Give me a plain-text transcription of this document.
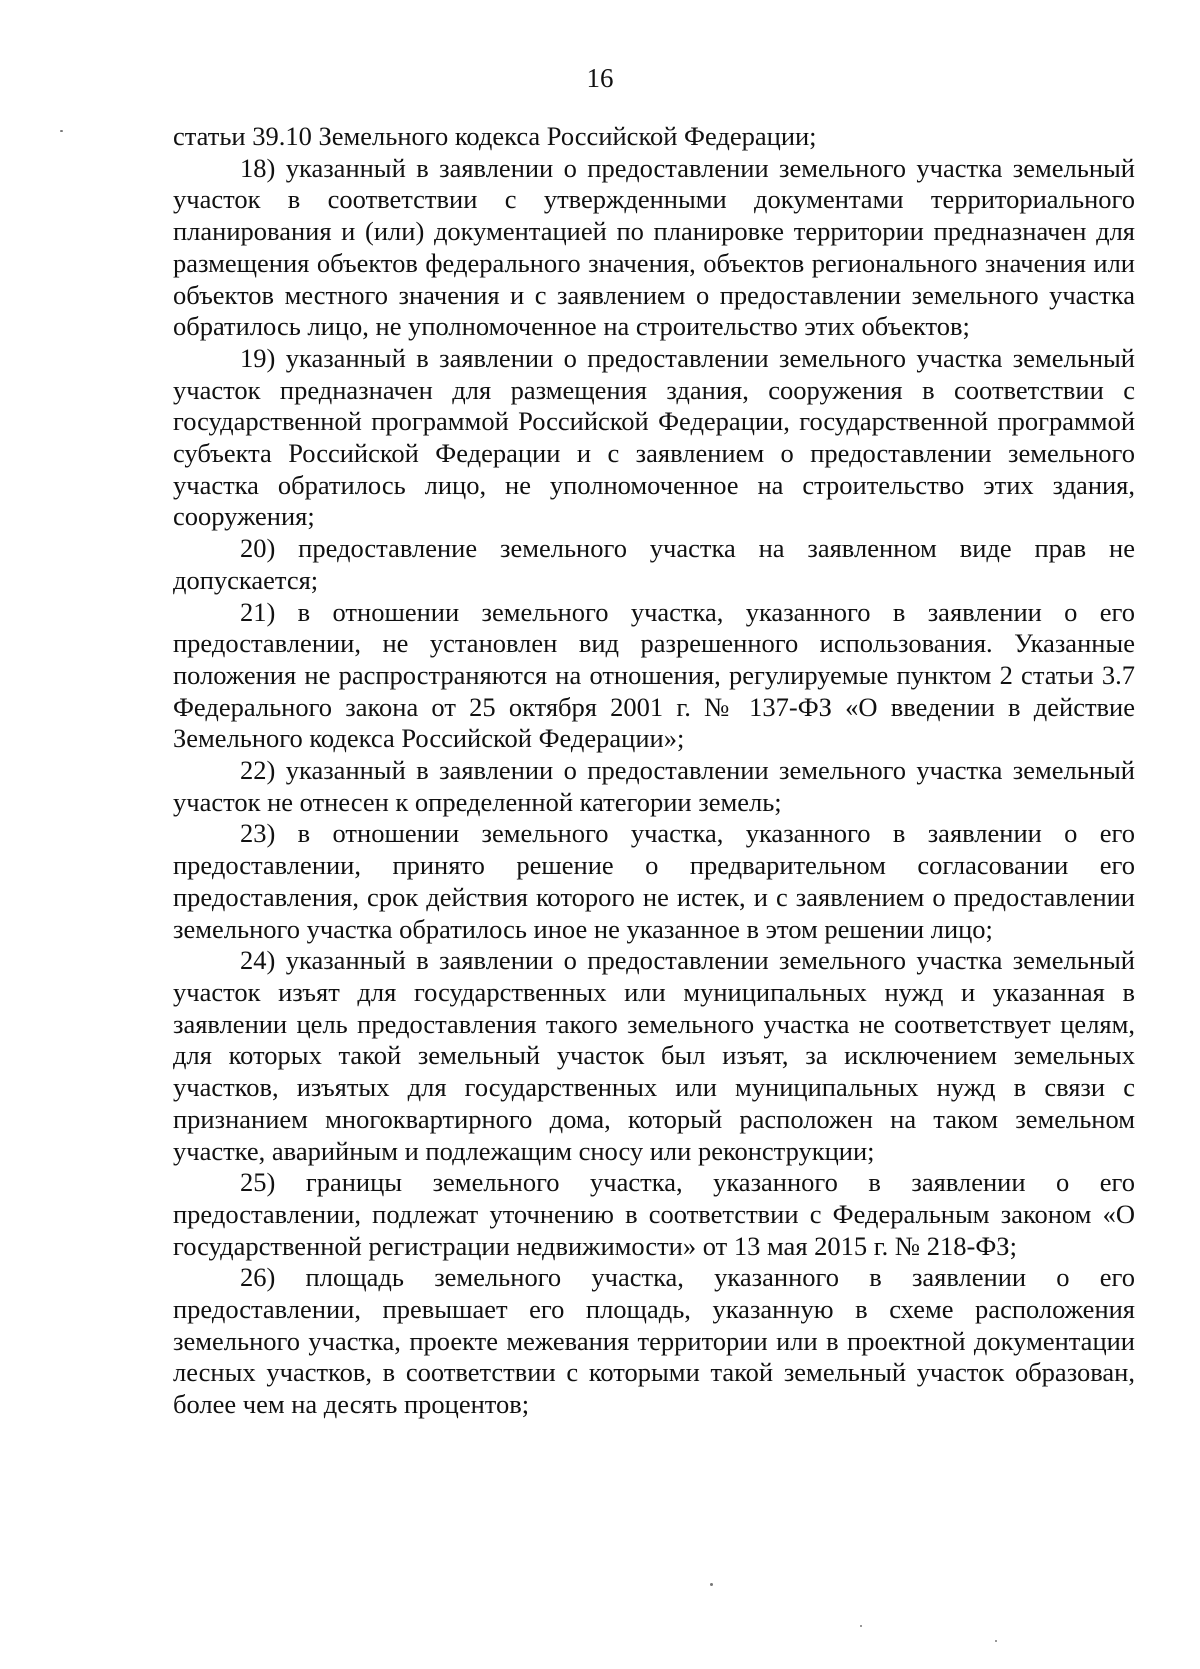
16

статьи 39.10 Земельного кодекса Российской Федерации;

18) указанный в заявлении о предоставлении земельного участка земельный участок в соответствии с утвержденными документами территориального планирования и (или) документацией по планировке территории предназначен для размещения объектов федерального значения, объектов регионального значения или объектов местного значения и с заявлением о предоставлении земельного участка обратилось лицо, не уполномоченное на строительство этих объектов;

19) указанный в заявлении о предоставлении земельного участка земельный участок предназначен для размещения здания, сооружения в соответствии с государственной программой Российской Федерации, государственной программой субъекта Российской Федерации и с заявлением о предоставлении земельного участка обратилось лицо, не уполномоченное на строительство этих здания, сооружения;

20) предоставление земельного участка на заявленном виде прав не допускается;

21) в отношении земельного участка, указанного в заявлении о его предоставлении, не установлен вид разрешенного использования. Указанные положения не распространяются на отношения, регулируемые пунктом 2 статьи 3.7 Федерального закона от 25 октября 2001 г. № 137-ФЗ «О введении в действие Земельного кодекса Российской Федерации»;

22) указанный в заявлении о предоставлении земельного участка земельный участок не отнесен к определенной категории земель;

23) в отношении земельного участка, указанного в заявлении о его предоставлении, принято решение о предварительном согласовании его предоставления, срок действия которого не истек, и с заявлением о предоставлении земельного участка обратилось иное не указанное в этом решении лицо;

24) указанный в заявлении о предоставлении земельного участка земельный участок изъят для государственных или муниципальных нужд и указанная в заявлении цель предоставления такого земельного участка не соответствует целям, для которых такой земельный участок был изъят, за исключением земельных участков, изъятых для государственных или муниципальных нужд в связи с признанием многоквартирного дома, который расположен на таком земельном участке, аварийным и подлежащим сносу или реконструкции;

25) границы земельного участка, указанного в заявлении о его предоставлении, подлежат уточнению в соответствии с Федеральным законом «О государственной регистрации недвижимости» от 13 мая 2015 г. № 218-ФЗ;

26) площадь земельного участка, указанного в заявлении о его предоставлении, превышает его площадь, указанную в схеме расположения земельного участка, проекте межевания территории или в проектной документации лесных участков, в соответствии с которыми такой земельный участок образован, более чем на десять процентов;
